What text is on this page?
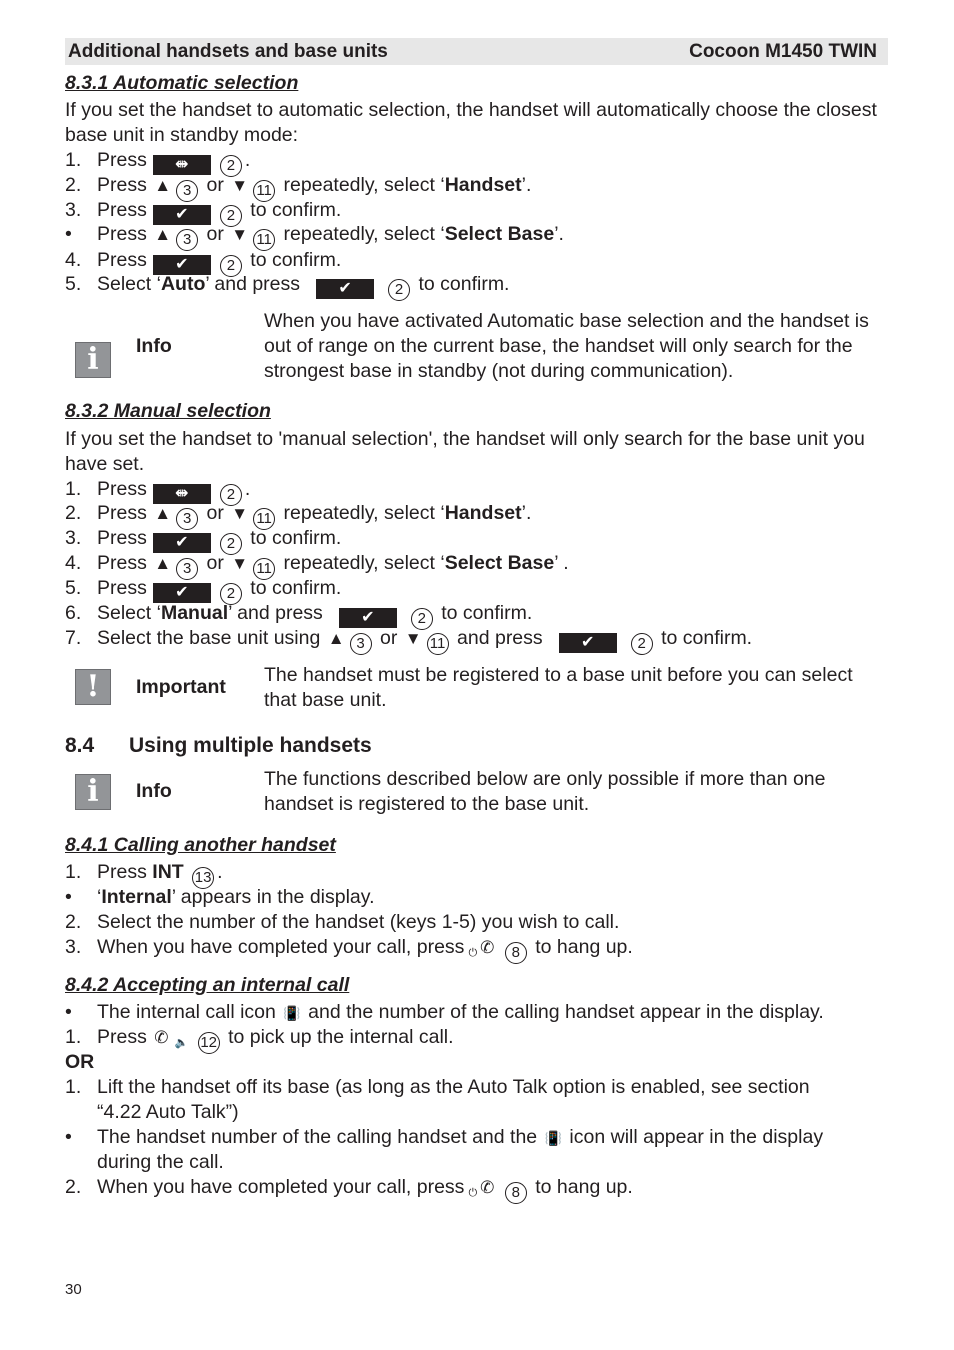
Additional handsets and base units	Cocoon M1450 TWIN
8.3.1 Automatic selection
If you set the handset to automatic selection, the handset will automatically choose the closest base unit in standby mode:
1. Press ⇼	2 .
2. Press ▲ 3 or ▼ 11 repeatedly, select ‘Handset’.
3. Press ✔	2 to confirm.
• Press ▲ 3 or ▼ 11 repeatedly, select ‘Select Base’.
4. Press ✔	2 to confirm.
5. Select ‘Auto’ and press ✔	2 to confirm.
i	Info
When you have activated Automatic base selection and the handset is out of range on the current base, the handset will only search for the strongest base in standby (not during communication).
8.3.2 Manual selection
If you set the handset to 'manual selection', the handset will only search for the base unit you have set.
1. Press ⇼	2 .
2. Press ▲ 3 or ▼ 11 repeatedly, select ‘Handset’.
3. Press ✔	2 to confirm.
4. Press ▲ 3 or ▼ 11 repeatedly, select ‘Select Base’ .
5. Press ✔	2 to confirm.
6. Select ‘Manual’ and press ✔	2 to confirm.
7. Select the base unit using ▲ 3 or ▼ 11 and press ✔	2 to confirm.
!	Important
The handset must be registered to a base unit before you can select that base unit.
8.4 Using multiple handsets
i	Info
The functions described below are only possible if more than one handset is registered to the base unit.
8.4.1 Calling another handset
1. Press INT 13 .
• ‘Internal’ appears in the display.
2. Select the number of the handset (keys 1-5) you wish to call.
3. When you have completed your call, press ⏻ ✆ 8 to hang up.
8.4.2 Accepting an internal call
• The internal call icon 📳 and the number of the calling handset appear in the display.
1. Press ✆ 🔈 12 to pick up the internal call.
OR
1. Lift the handset off its base (as long as the Auto Talk option is enabled, see section
“4.22 Auto Talk”)
• The handset number of the calling handset and the 📳 icon will appear in the display
during the call.
2. When you have completed your call, press ⏻ ✆ 8 to hang up.
30
